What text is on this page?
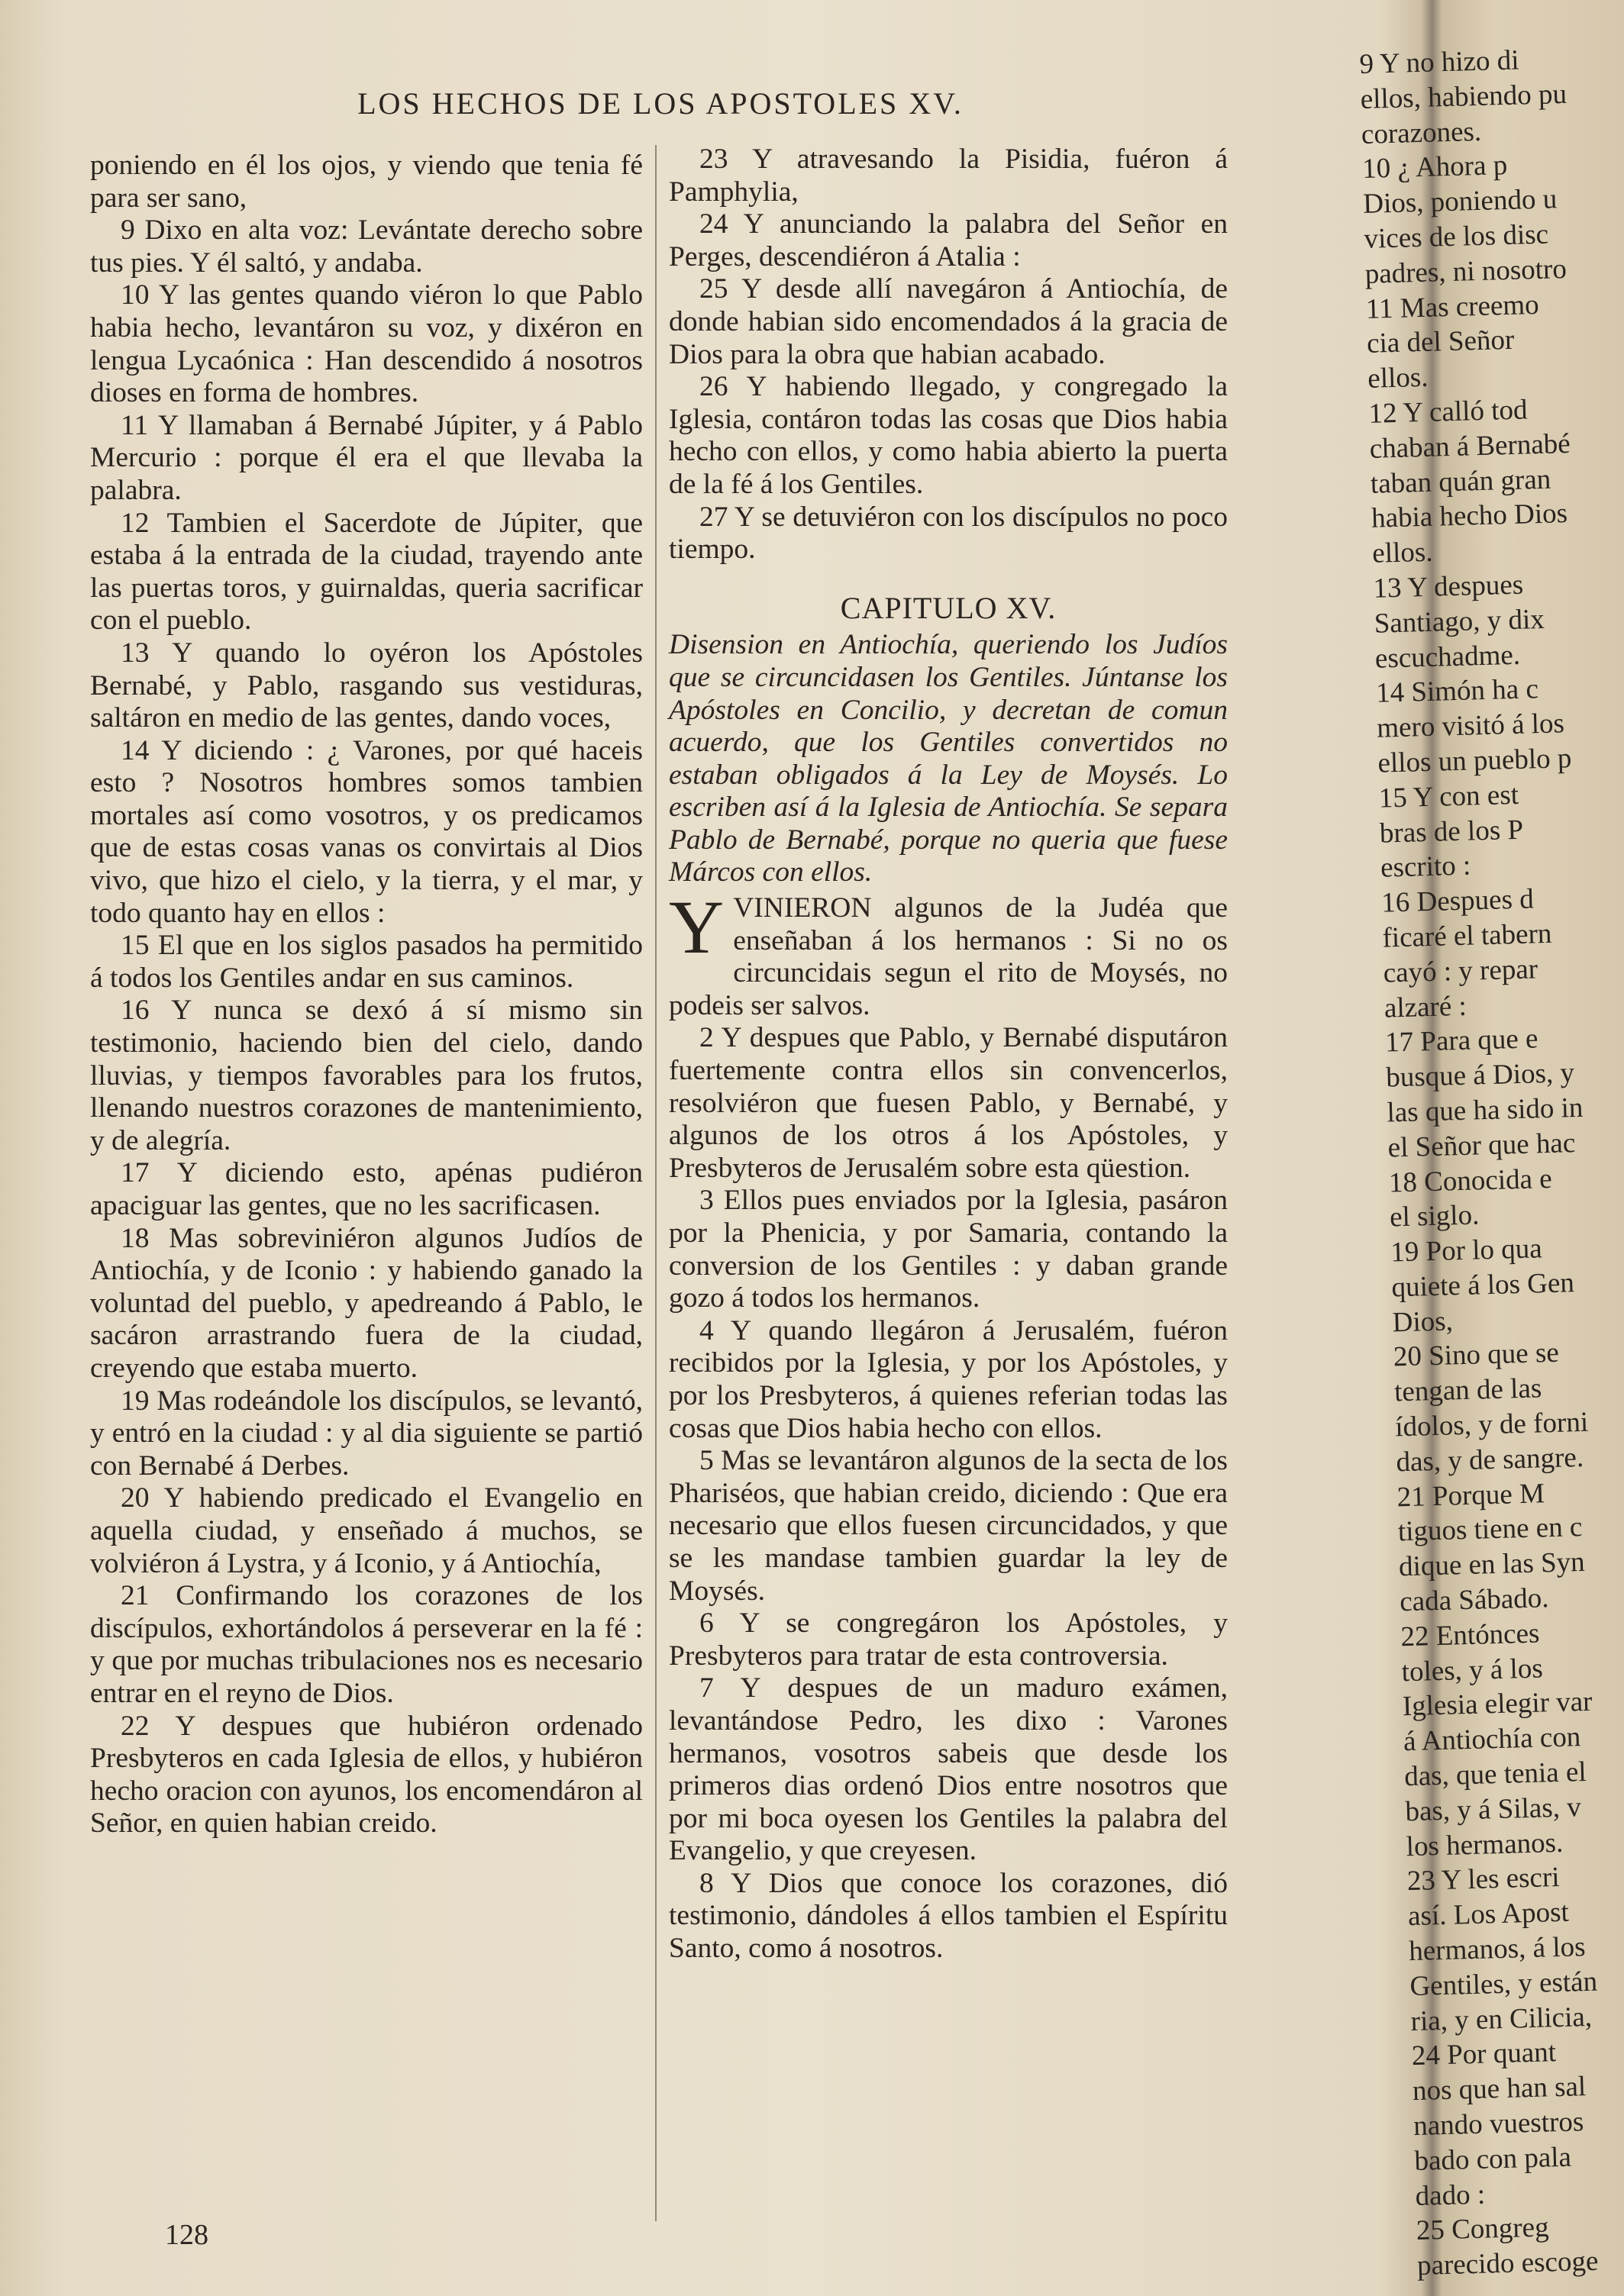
LOS HECHOS DE LOS APOSTOLES XV.

poniendo en él los ojos, y viendo que tenia fé para ser sano,

9 Dixo en alta voz: Levántate derecho sobre tus pies. Y él saltó, y andaba.

10 Y las gentes quando viéron lo que Pablo habia hecho, levantáron su voz, y dixéron en lengua Lycaónica : Han descendido á nosotros dioses en forma de hombres.

11 Y llamaban á Bernabé Júpiter, y á Pablo Mercurio : porque él era el que llevaba la palabra.

12 Tambien el Sacerdote de Júpiter, que estaba á la entrada de la ciudad, trayendo ante las puertas toros, y guirnaldas, queria sacrificar con el pueblo.

13 Y quando lo oyéron los Apóstoles Bernabé, y Pablo, rasgando sus vestiduras, saltáron en medio de las gentes, dando voces,

14 Y diciendo : ¿ Varones, por qué haceis esto ? Nosotros hombres somos tambien mortales así como vosotros, y os predicamos que de estas cosas vanas os convirtais al Dios vivo, que hizo el cielo, y la tierra, y el mar, y todo quanto hay en ellos :

15 El que en los siglos pasados ha permitido á todos los Gentiles andar en sus caminos.

16 Y nunca se dexó á sí mismo sin testimonio, haciendo bien del cielo, dando lluvias, y tiempos favorables para los frutos, llenando nuestros corazones de mantenimiento, y de alegría.

17 Y diciendo esto, apénas pudiéron apaciguar las gentes, que no les sacrificasen.

18 Mas sobreviniéron algunos Judíos de Antiochía, y de Iconio : y habiendo ganado la voluntad del pueblo, y apedreando á Pablo, le sacáron arrastrando fuera de la ciudad, creyendo que estaba muerto.

19 Mas rodeándole los discípulos, se levantó, y entró en la ciudad : y al dia siguiente se partió con Bernabé á Derbes.

20 Y habiendo predicado el Evangelio en aquella ciudad, y enseñado á muchos, se volviéron á Lystra, y á Iconio, y á Antiochía,

21 Confirmando los corazones de los discípulos, exhortándolos á perseverar en la fé : y que por muchas tribulaciones nos es necesario entrar en el reyno de Dios.

22 Y despues que hubiéron ordenado Presbyteros en cada Iglesia de ellos, y hubiéron hecho oracion con ayunos, los encomendáron al Señor, en quien habian creido.

23 Y atravesando la Pisidia, fuéron á Pamphylia,

24 Y anunciando la palabra del Señor en Perges, descendiéron á Atalia :

25 Y desde allí navegáron á Antiochía, de donde habian sido encomendados á la gracia de Dios para la obra que habian acabado.

26 Y habiendo llegado, y congregado la Iglesia, contáron todas las cosas que Dios habia hecho con ellos, y como habia abierto la puerta de la fé á los Gentiles.

27 Y se detuviéron con los discípulos no poco tiempo.

CAPITULO XV.

Disension en Antiochía, queriendo los Judíos que se circuncidasen los Gentiles. Júntanse los Apóstoles en Concilio, y decretan de comun acuerdo, que los Gentiles convertidos no estaban obligados á la Ley de Moysés. Lo escriben así á la Iglesia de Antiochía. Se separa Pablo de Bernabé, porque no queria que fuese Márcos con ellos.

YVINIERON algunos de la Judéa que enseñaban á los hermanos : Si no os circuncidais segun el rito de Moysés, no podeis ser salvos.

2 Y despues que Pablo, y Bernabé disputáron fuertemente contra ellos sin convencerlos, resolviéron que fuesen Pablo, y Bernabé, y algunos de los otros á los Apóstoles, y Presbyteros de Jerusalém sobre esta qüestion.

3 Ellos pues enviados por la Iglesia, pasáron por la Phenicia, y por Samaria, contando la conversion de los Gentiles : y daban grande gozo á todos los hermanos.

4 Y quando llegáron á Jerusalém, fuéron recibidos por la Iglesia, y por los Apóstoles, y por los Presbyteros, á quienes referian todas las cosas que Dios habia hecho con ellos.

5 Mas se levantáron algunos de la secta de los Phariséos, que habian creido, diciendo : Que era necesario que ellos fuesen circuncidados, y que se les mandase tambien guardar la ley de Moysés.

6 Y se congregáron los Apóstoles, y Presbyteros para tratar de esta controversia.

7 Y despues de un maduro exámen, levantándose Pedro, les dixo : Varones hermanos, vosotros sabeis que desde los primeros dias ordenó Dios entre nosotros que por mi boca oyesen los Gentiles la palabra del Evangelio, y que creyesen.

8 Y Dios que conoce los corazones, dió testimonio, dándoles á ellos tambien el Espíritu Santo, como á nosotros.

128
9 Y no hizo di
ellos, habiendo pu
corazones.
10 ¿ Ahora p
Dios, poniendo u
vices de los disc
padres, ni nosotro
11 Mas creemo
cia del Señor
ellos.
12 Y calló tod
chaban á Bernabé
taban quán gran
habia hecho Dios
ellos.
13 Y despues
Santiago, y dix
escuchadme.
14 Simón ha c
mero visitó á los
ellos un pueblo p
15 Y con est
bras de los P
escrito :
16 Despues d
ficaré el tabern
cayó : y repar
alzaré :
17 Para que e
busque á Dios, y
las que ha sido in
el Señor que hac
18 Conocida e
el siglo.
19 Por lo qua
quiete á los Gen
Dios,
20 Sino que se
tengan de las
ídolos, y de forni
das, y de sangre.
21 Porque M
tiguos tiene en c
dique en las Syn
cada Sábado.
22 Entónces
toles, y á los
Iglesia elegir var
á Antiochía con
das, que tenia el
bas, y á Silas, v
los hermanos.
23 Y les escri
así. Los Apost
hermanos, á los
Gentiles, y están
ria, y en Cilicia,
24 Por quant
nos que han sal
nando vuestros
bado con pala
dado :
25 Congreg
parecido escoge
